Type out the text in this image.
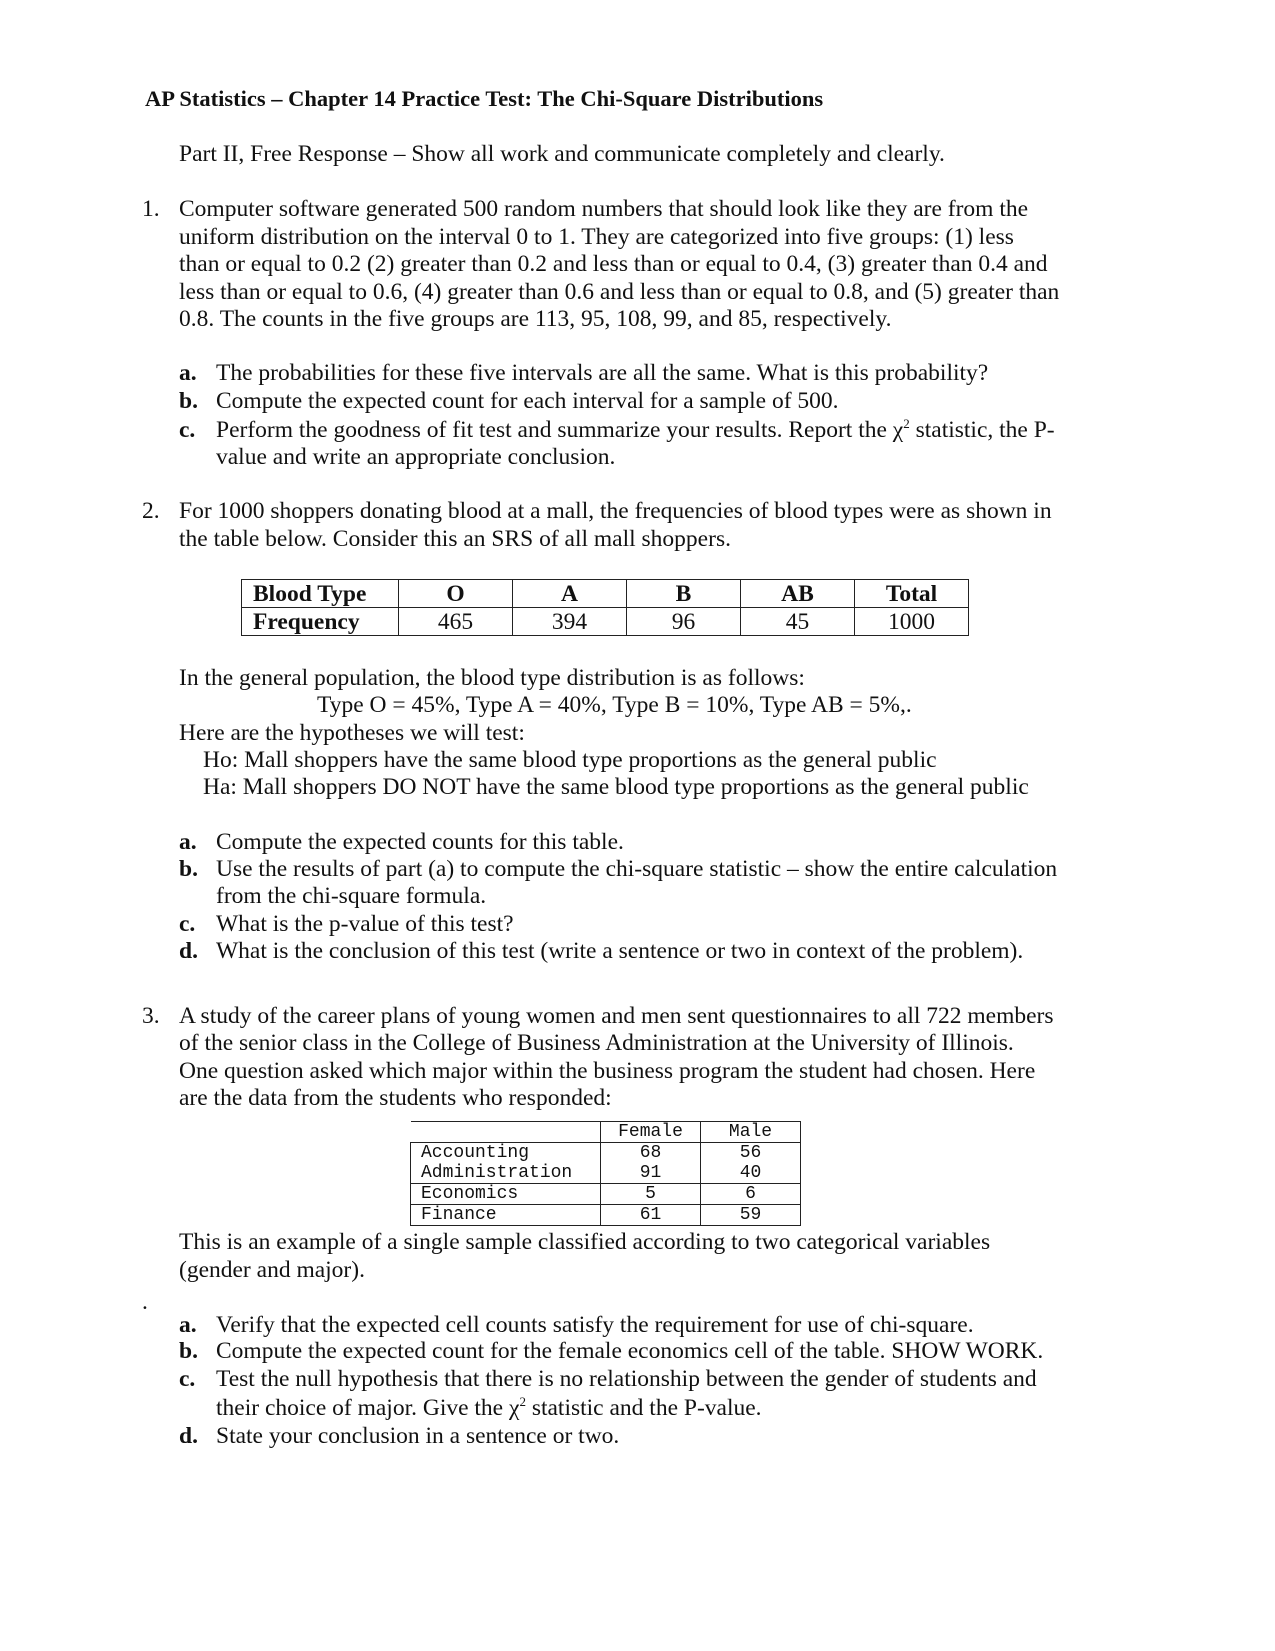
AP Statistics – Chapter 14 Practice Test: The Chi-Square Distributions
Part II, Free Response – Show all work and communicate completely and clearly.
1. Computer software generated 500 random numbers that should look like they are from the
uniform distribution on the interval 0 to 1. They are categorized into five groups: (1) less
than or equal to 0.2 (2) greater than 0.2 and less than or equal to 0.4, (3) greater than 0.4 and
less than or equal to 0.6, (4) greater than 0.6 and less than or equal to 0.8, and (5) greater than
0.8. The counts in the five groups are 113, 95, 108, 99, and 85, respectively.
a. The probabilities for these five intervals are all the same. What is this probability?
b. Compute the expected count for each interval for a sample of 500.
c. Perform the goodness of fit test and summarize your results. Report the $\chi^2$ statistic, the P-
value and write an appropriate conclusion.
2. For 1000 shoppers donating blood at a mall, the frequencies of blood types were as shown in
the table below. Consider this an SRS of all mall shoppers.
Blood Type	O	A	B	AB	Total
Frequency	465	394	96	45	1000
In the general population, the blood type distribution is as follows:
Type O = 45%, Type A = 40%, Type B = 10%, Type AB = 5%,.
Here are the hypotheses we will test:
Ho: Mall shoppers have the same blood type proportions as the general public
Ha: Mall shoppers DO NOT have the same blood type proportions as the general public
a. Compute the expected counts for this table.
b. Use the results of part (a) to compute the chi-square statistic – show the entire calculation
from the chi-square formula.
c. What is the p-value of this test?
d. What is the conclusion of this test (write a sentence or two in context of the problem).
3. A study of the career plans of young women and men sent questionnaires to all 722 members
of the senior class in the College of Business Administration at the University of Illinois.
One question asked which major within the business program the student had chosen. Here
are the data from the students who responded:
	Female	Male
Accounting	68	56
Administration	91	40
Economics	5	6
Finance	61	59
This is an example of a single sample classified according to two categorical variables
(gender and major).
.
a. Verify that the expected cell counts satisfy the requirement for use of chi-square.
b. Compute the expected count for the female economics cell of the table. SHOW WORK.
c. Test the null hypothesis that there is no relationship between the gender of students and
their choice of major. Give the $\chi^2$ statistic and the P-value.
d. State your conclusion in a sentence or two.
